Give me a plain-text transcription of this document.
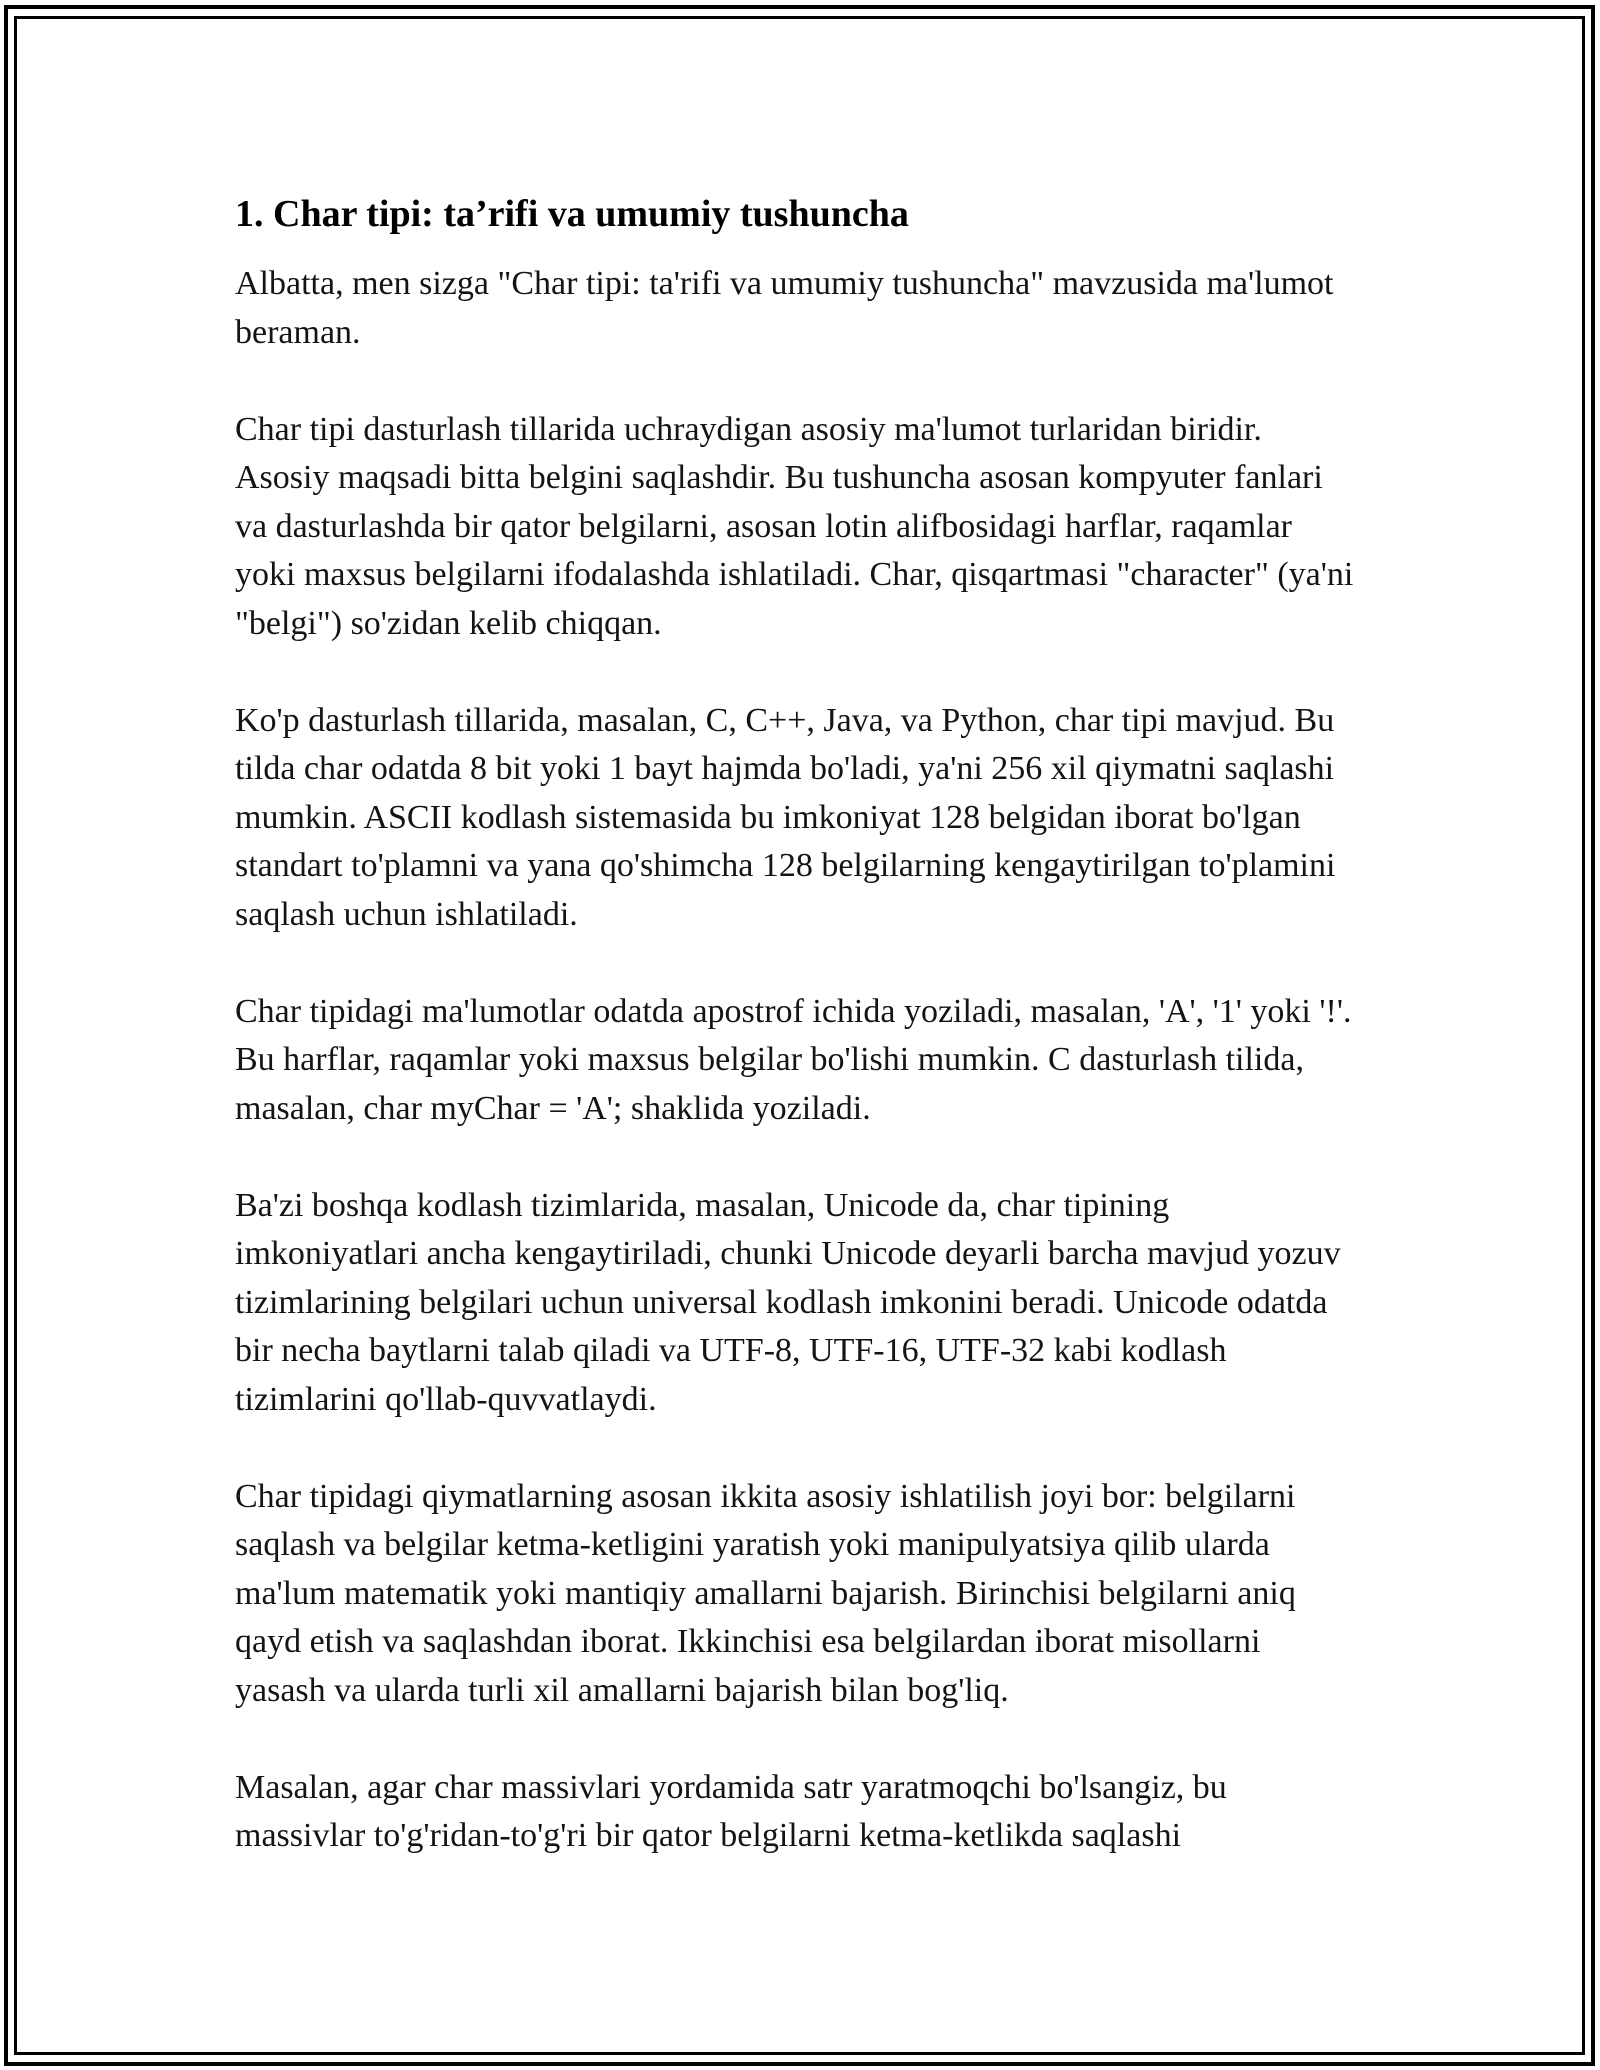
1. Char tipi: ta’rifi va umumiy tushuncha

Albatta, men sizga "Char tipi: ta'rifi va umumiy tushuncha" mavzusida ma'lumot beraman.

Char tipi dasturlash tillarida uchraydigan asosiy ma'lumot turlaridan biridir. Asosiy maqsadi bitta belgini saqlashdir. Bu tushuncha asosan kompyuter fanlari va dasturlashda bir qator belgilarni, asosan lotin alifbosidagi harflar, raqamlar yoki maxsus belgilarni ifodalashda ishlatiladi. Char, qisqartmasi "character" (ya'ni "belgi") so'zidan kelib chiqqan.

Ko'p dasturlash tillarida, masalan, C, C++, Java, va Python, char tipi mavjud. Bu tilda char odatda 8 bit yoki 1 bayt hajmda bo'ladi, ya'ni 256 xil qiymatni saqlashi mumkin. ASCII kodlash sistemasida bu imkoniyat 128 belgidan iborat bo'lgan standart to'plamni va yana qo'shimcha 128 belgilarning kengaytirilgan to'plamini saqlash uchun ishlatiladi.

Char tipidagi ma'lumotlar odatda apostrof ichida yoziladi, masalan, 'A', '1' yoki '!'. Bu harflar, raqamlar yoki maxsus belgilar bo'lishi mumkin. C dasturlash tilida, masalan, char myChar = 'A'; shaklida yoziladi.

Ba'zi boshqa kodlash tizimlarida, masalan, Unicode da, char tipining imkoniyatlari ancha kengaytiriladi, chunki Unicode deyarli barcha mavjud yozuv tizimlarining belgilari uchun universal kodlash imkonini beradi. Unicode odatda bir necha baytlarni talab qiladi va UTF-8, UTF-16, UTF-32 kabi kodlash tizimlarini qo'llab-quvvatlaydi.

Char tipidagi qiymatlarning asosan ikkita asosiy ishlatilish joyi bor: belgilarni saqlash va belgilar ketma-ketligini yaratish yoki manipulyatsiya qilib ularda ma'lum matematik yoki mantiqiy amallarni bajarish. Birinchisi belgilarni aniq qayd etish va saqlashdan iborat. Ikkinchisi esa belgilardan iborat misollarni yasash va ularda turli xil amallarni bajarish bilan bog'liq.

Masalan, agar char massivlari yordamida satr yaratmoqchi bo'lsangiz, bu massivlar to'g'ridan-to'g'ri bir qator belgilarni ketma-ketlikda saqlashi
